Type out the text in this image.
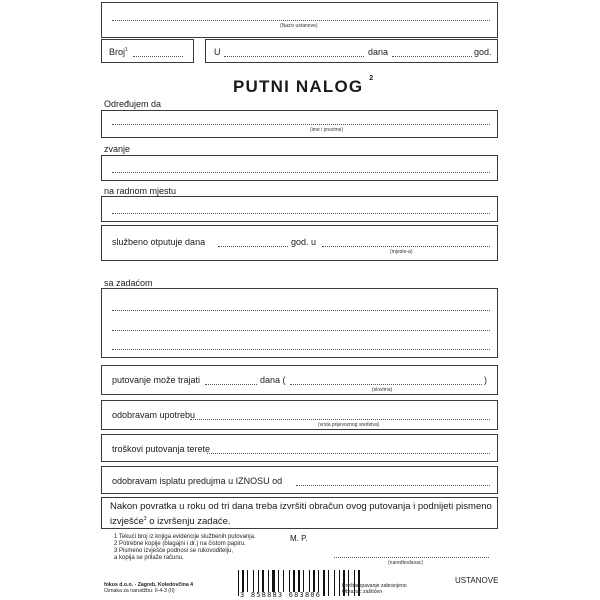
(Naziv ustanove)
Broj$^1$	U	dana	god.
PUTNI NALOG $^2$
Određujem da
(ime i prezime)
zvanje
na radnom mjestu
službeno otputuje dana	god. u
(mjesto-a)
sa zadaćom
putovanje može trajati	dana (	)
(slovima)
odobravam upotrebu
(vrsta prijevoznog sredstva)
troškovi putovanja terete
odobravam isplatu predujma u IZNOSU od
Nakon povratka u roku od tri dana treba izvršiti obračun ovog putovanja i podnijeti pismeno
izvješće$^3$ o izvršenju zadaće.
1 Tekući broj iz knjiga evidencije službenih putovanja.
2 Potrebne kopije (blagajni i dr.) na čistom papiru.
3 Pismeno izvješće podnosi se rukovoditelju,
a kopija se prilaže računu.
M. P.
(naredbodavac)
fokus d.o.o. - Zagreb, Koledovčina 4
Oznaka za narudžbu: II-4-3 (II)	3 858883 683806
Preštampavanje zabranjeno
Obrazac zaštićen
USTANOVE
